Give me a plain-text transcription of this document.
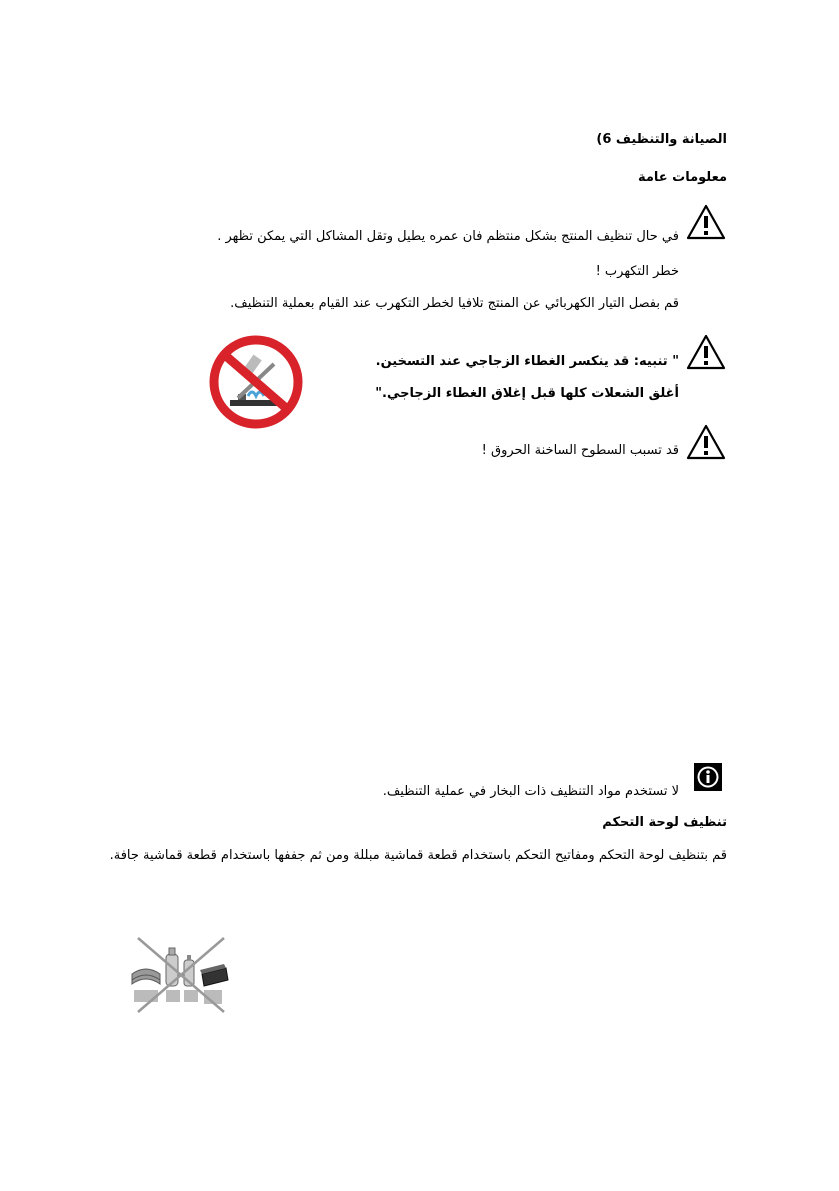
الصيانة والتنظيف 6)
معلومات عامة
في حال تنظيف المنتج بشكل منتظم فان عمره يطيل وتقل المشاكل التي يمكن تظهر .
خطر التكهرب !
قم بفصل التيار الكهربائي عن المنتج تلافيا لخطر التكهرب عند القيام بعملية التنظيف.
" تنبيه: قد ينكسر الغطاء الزجاجي عند التسخين.
أغلق الشعلات كلها قبل إغلاق الغطاء الزجاجي."
قد تسبب السطوح الساخنة الحروق !
لا تستخدم مواد التنظيف ذات البخار في عملية التنظيف.
تنظيف لوحة التحكم
قم بتنظيف لوحة التحكم ومفاتيح التحكم باستخدام قطعة قماشية مبللة ومن ثم جففها باستخدام قطعة قماشية جافة.
